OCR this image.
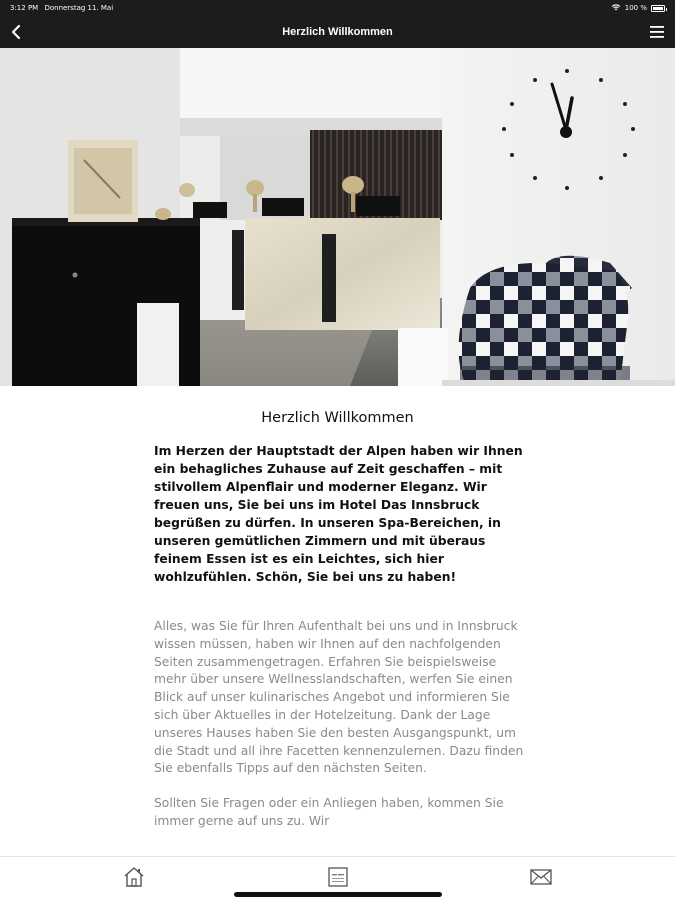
3:12 PM Donnerstag 11. Mai	100 %
Herzlich Willkommen
Herzlich Willkommen
Im Herzen der Hauptstadt der Alpen haben wir Ihnen ein behagliches Zuhause auf Zeit geschaffen – mit stilvollem Alpenflair und moderner Eleganz. Wir freuen uns, Sie bei uns im Hotel Das Innsbruck begrüßen zu dürfen. In unseren Spa-Bereichen, in unseren gemütlichen Zimmern und mit überaus feinem Essen ist es ein Leichtes, sich hier wohlzufühlen. Schön, Sie bei uns zu haben!

Alles, was Sie für Ihren Aufenthalt bei uns und in Innsbruck wissen müssen, haben wir Ihnen auf den nachfolgenden Seiten zusammengetragen. Erfahren Sie beispielsweise mehr über unsere Wellnesslandschaften, werfen Sie einen Blick auf unser kulinarisches Angebot und informieren Sie sich über Aktuelles in der Hotelzeitung. Dank der Lage unseres Hauses haben Sie den besten Ausgangspunkt, um die Stadt und all ihre Facetten kennenzulernen. Dazu finden Sie ebenfalls Tipps auf den nächsten Seiten.

Sollten Sie Fragen oder ein Anliegen haben, kommen Sie immer gerne auf uns zu. Wir
